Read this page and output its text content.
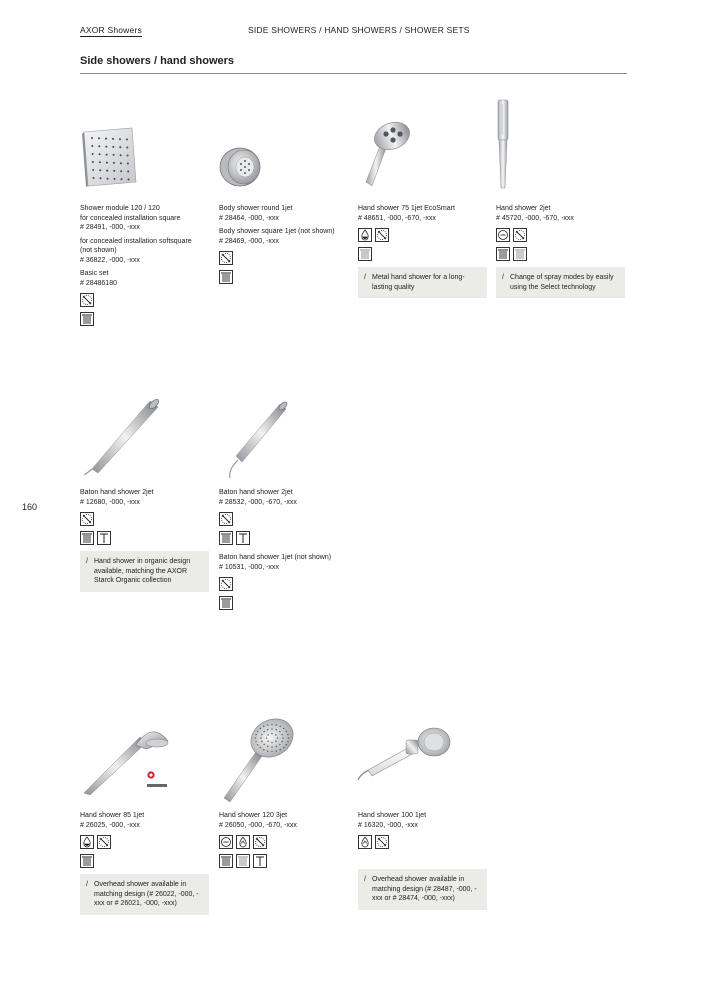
AXOR Showers	SIDE SHOWERS / HAND SHOWERS / SHOWER SETS
Side showers / hand showers
160
Shower module 120 / 120
for concealed installation square
# 28491, -000, -xxx
for concealed installation softsquare
(not shown)
# 36822, -000, -xxx
Basic set
# 28486180
Body shower round 1jet
# 28464, -000, -xxx
Body shower square 1jet (not shown)
# 28469, -000, -xxx
Hand shower 75 1jet EcoSmart
# 48651, -000, -670, -xxx
/ Metal hand shower for a long-lasting quality
Hand shower 2jet
# 45720, -000, -670, -xxx
/ Change of spray modes by easily using the Select technology
Baton hand shower 2jet
# 12680, -000, -xxx
/ Hand shower in organic design available, matching the AXOR Starck Organic collection
Baton hand shower 2jet
# 28532, -000, -670, -xxx
Baton hand shower 1jet (not shown)
# 10531, -000, -xxx
Hand shower 85 1jet
# 26025, -000, -xxx
/ Overhead shower available in matching design (# 26022, -000, -xxx or # 26021, -000, -xxx)
Hand shower 120 3jet
# 26050, -000, -670, -xxx
Hand shower 100 1jet
# 16320, -000, -xxx
/ Overhead shower available in matching design (# 28487, -000, -xxx or # 28474, -000, -xxx)
